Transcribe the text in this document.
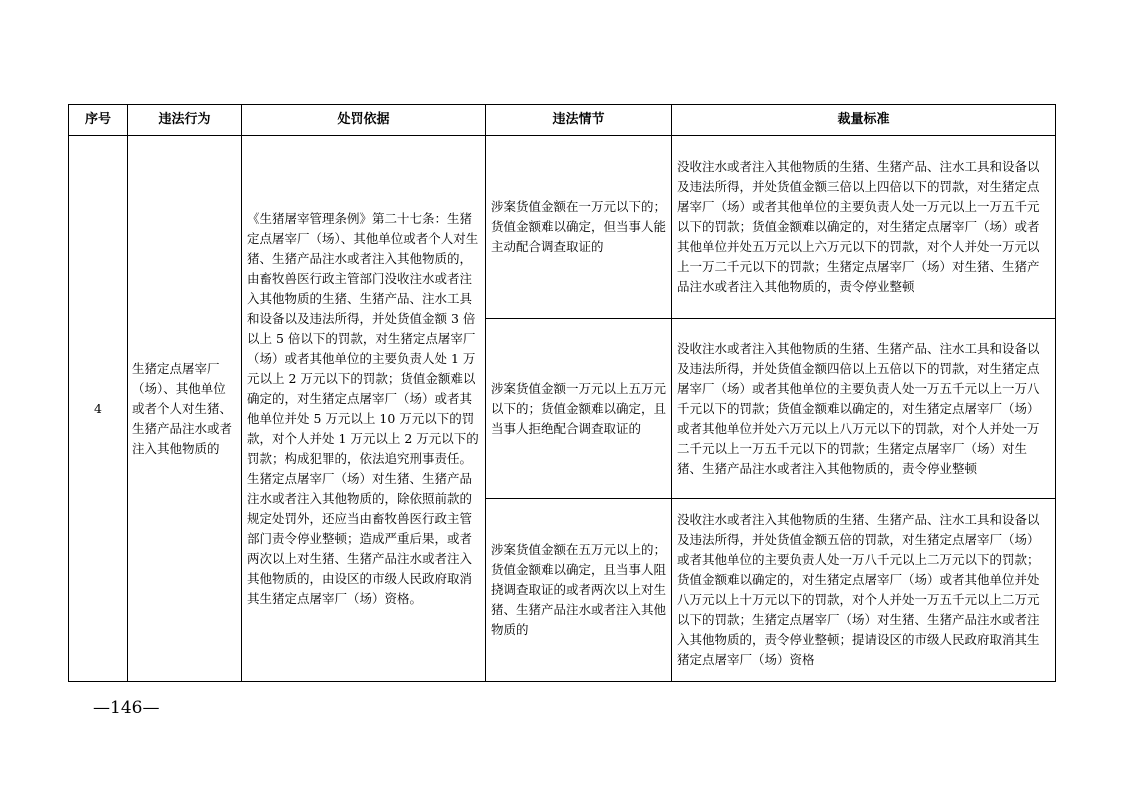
序号	违法行为	处罚依据	违法情节	裁量标准
4	生猪定点屠宰厂（场）、其他单位或者个人对生猪、生猪产品注水或者注入其他物质的	《生猪屠宰管理条例》第二十七条：生猪定点屠宰厂（场）、其他单位或者个人对生猪、生猪产品注水或者注入其他物质的，由畜牧兽医行政主管部门没收注水或者注入其他物质的生猪、生猪产品、注水工具和设备以及违法所得，并处货值金额 3 倍以上 5 倍以下的罚款，对生猪定点屠宰厂（场）或者其他单位的主要负责人处 1 万元以上 2 万元以下的罚款；货值金额难以确定的，对生猪定点屠宰厂（场）或者其他单位并处 5 万元以上 10 万元以下的罚款，对个人并处 1 万元以上 2 万元以下的罚款；构成犯罪的，依法追究刑事责任。
生猪定点屠宰厂（场）对生猪、生猪产品注水或者注入其他物质的，除依照前款的规定处罚外，还应当由畜牧兽医行政主管部门责令停业整顿；造成严重后果，或者两次以上对生猪、生猪产品注水或者注入其他物质的，由设区的市级人民政府取消其生猪定点屠宰厂（场）资格。	涉案货值金额在一万元以下的；货值金额难以确定，但当事人能主动配合调查取证的	没收注水或者注入其他物质的生猪、生猪产品、注水工具和设备以及违法所得，并处货值金额三倍以上四倍以下的罚款，对生猪定点屠宰厂（场）或者其他单位的主要负责人处一万元以上一万五千元以下的罚款；货值金额难以确定的，对生猪定点屠宰厂（场）或者其他单位并处五万元以上六万元以下的罚款，对个人并处一万元以上一万二千元以下的罚款；生猪定点屠宰厂（场）对生猪、生猪产品注水或者注入其他物质的，责令停业整顿

			涉案货值金额一万元以上五万元以下的；货值金额难以确定，且当事人拒绝配合调查取证的	没收注水或者注入其他物质的生猪、生猪产品、注水工具和设备以及违法所得，并处货值金额四倍以上五倍以下的罚款，对生猪定点屠宰厂（场）或者其他单位的主要负责人处一万五千元以上一万八千元以下的罚款；货值金额难以确定的，对生猪定点屠宰厂（场）或者其他单位并处六万元以上八万元以下的罚款，对个人并处一万二千元以上一万五千元以下的罚款；生猪定点屠宰厂（场）对生猪、生猪产品注水或者注入其他物质的，责令停业整顿

			涉案货值金额在五万元以上的；货值金额难以确定，且当事人阻挠调查取证的或者两次以上对生猪、生猪产品注水或者注入其他物质的	没收注水或者注入其他物质的生猪、生猪产品、注水工具和设备以及违法所得，并处货值金额五倍的罚款，对生猪定点屠宰厂（场）或者其他单位的主要负责人处一万八千元以上二万元以下的罚款；货值金额难以确定的，对生猪定点屠宰厂（场）或者其他单位并处八万元以上十万元以下的罚款，对个人并处一万五千元以上二万元以下的罚款；生猪定点屠宰厂（场）对生猪、生猪产品注水或者注入其他物质的，责令停业整顿；提请设区的市级人民政府取消其生猪定点屠宰厂（场）资格
—146—
